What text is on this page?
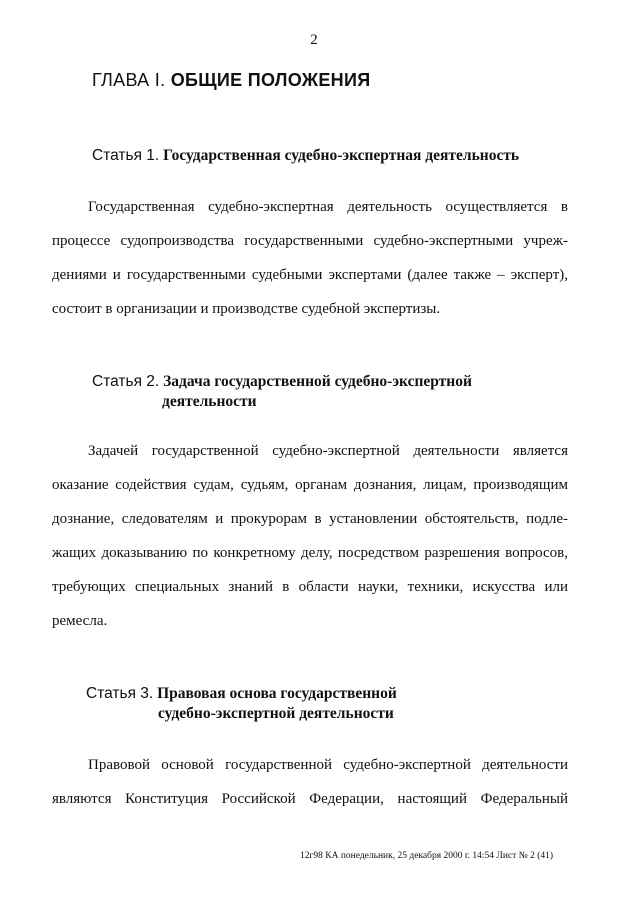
2
ГЛАВА I. ОБЩИЕ ПОЛОЖЕНИЯ
Статья 1. Государственная судебно-экспертная деятельность
Государственная судебно-экспертная деятельность осуществляется в
процессе судопроизводства государственными судебно-экспертными учреж-
дениями и государственными судебными экспертами (далее также – эксперт),
состоит в организации и производстве судебной экспертизы.
Статья 2. Задача государственной судебно-экспертной
деятельности
Задачей государственной судебно-экспертной деятельности является
оказание содействия судам, судьям, органам дознания, лицам, производящим
дознание, следователям и прокурорам в установлении обстоятельств, подле-
жащих доказыванию по конкретному делу, посредством разрешения вопросов,
требующих специальных знаний в области науки, техники, искусства или
ремесла.
Статья 3. Правовая основа государственной
судебно-экспертной деятельности
Правовой основой государственной судебно-экспертной деятельности
являются Конституция Российской Федерации, настоящий Федеральный
12г98 КА понедельник, 25 декабря 2000 г. 14:54 Лист № 2 (41)
